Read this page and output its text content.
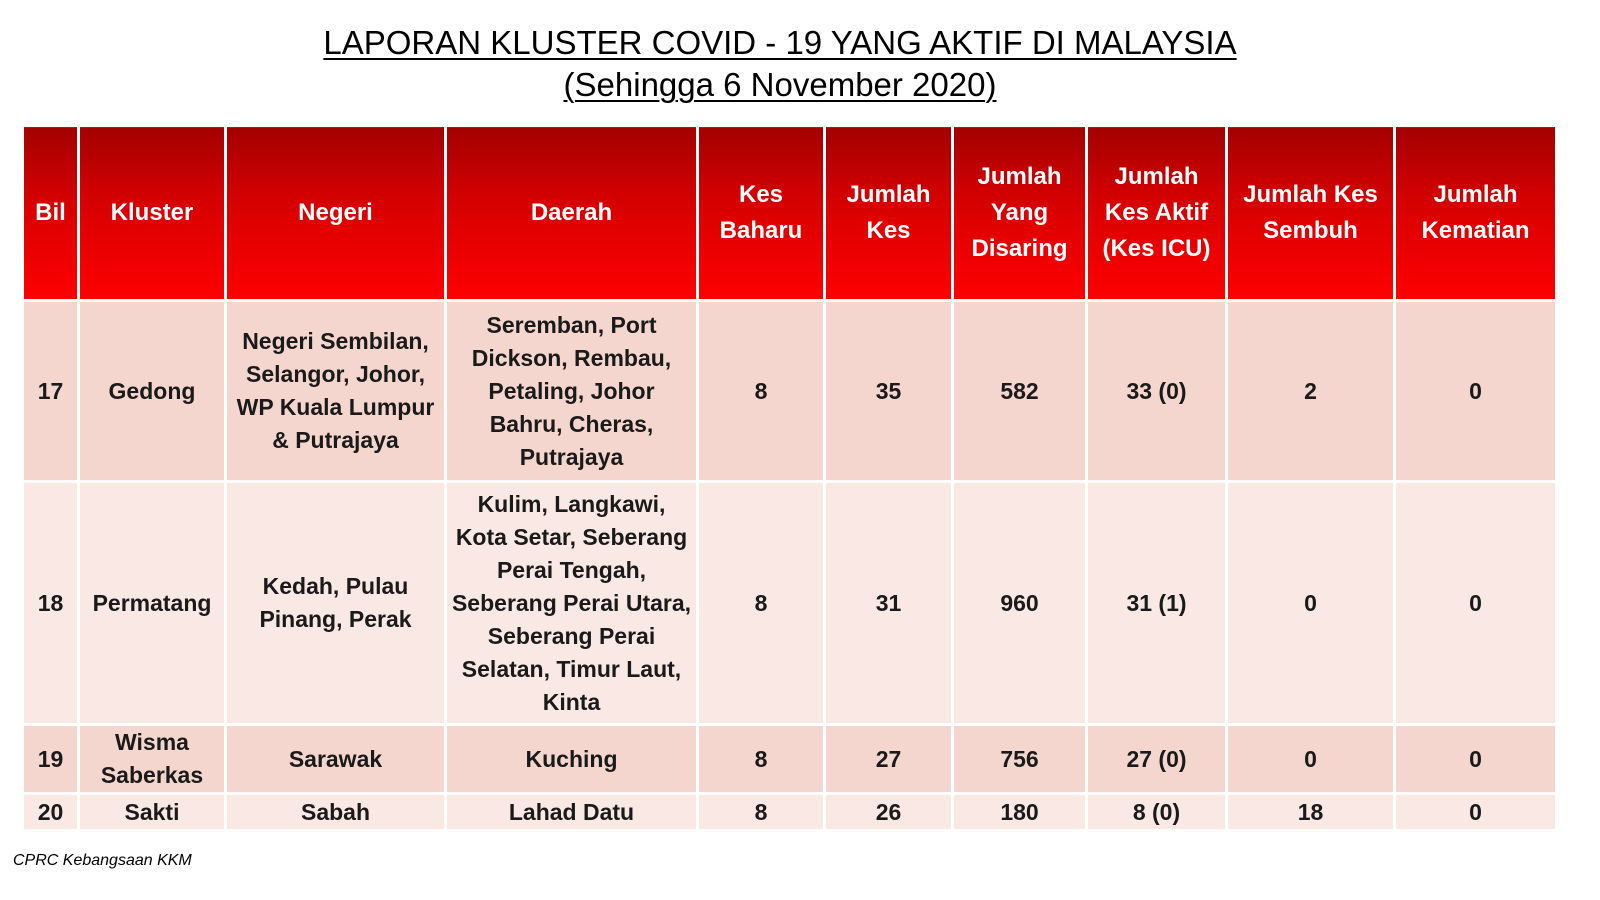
LAPORAN KLUSTER COVID - 19 YANG AKTIF DI MALAYSIA
(Sehingga 6 November 2020)
Bil	Kluster	Negeri	Daerah	Kes Baharu	Jumlah Kes	Jumlah Yang Disaring	Jumlah Kes Aktif (Kes ICU)	Jumlah Kes Sembuh	Jumlah Kematian
17	Gedong	Negeri Sembilan, Selangor, Johor, WP Kuala Lumpur & Putrajaya	Seremban, Port Dickson, Rembau, Petaling, Johor Bahru, Cheras, Putrajaya	8	35	582	33 (0)	2	0
18	Permatang	Kedah, Pulau Pinang, Perak	Kulim, Langkawi, Kota Setar, Seberang Perai Tengah, Seberang Perai Utara, Seberang Perai Selatan, Timur Laut, Kinta	8	31	960	31 (1)	0	0
19	Wisma Saberkas	Sarawak	Kuching	8	27	756	27 (0)	0	0
20	Sakti	Sabah	Lahad Datu	8	26	180	8 (0)	18	0
CPRC Kebangsaan KKM
